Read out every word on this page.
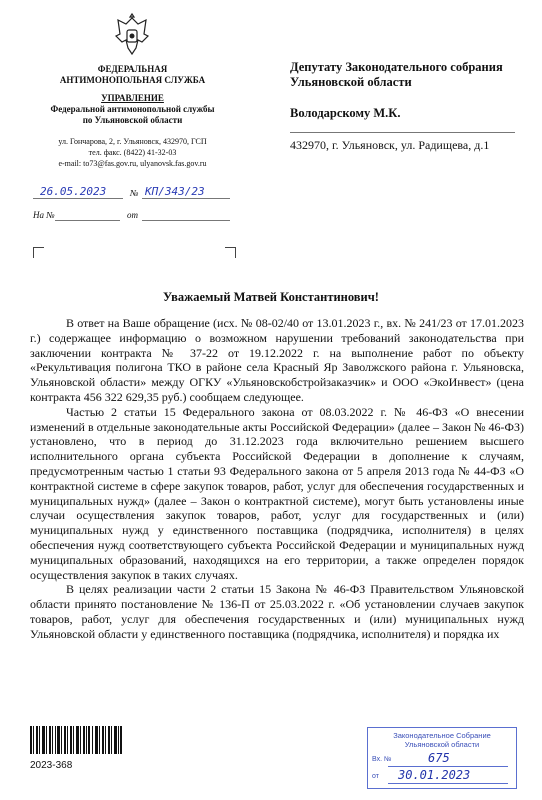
ФЕДЕРАЛЬНАЯ
АНТИМОНОПОЛЬНАЯ СЛУЖБА
УПРАВЛЕНИЕ
Федеральной антимонопольной службы
по Ульяновской области
ул. Гончарова, 2, г. Ульяновск, 432970, ГСП
тел. факс. (8422) 41-32-03
e-mail: to73@fas.gov.ru, ulyanovsk.fas.gov.ru
26.05.2023	№ КП/343/23
На №	от
Депутату Законодательного собрания
Ульяновской области
Володарскому М.К.
432970, г. Ульяновск, ул. Радищева, д.1
Уважаемый Матвей Константинович!

В ответ на Ваше обращение (исх. № 08-02/40 от 13.01.2023 г., вх. № 241/23 от 17.01.2023 г.) содержащее информацию о возможном нарушении требований законодательства при заключении контракта № 37-22 от 19.12.2022 г. на выполнение работ по объекту «Рекультивация полигона ТКО в районе села Красный Яр Заволжского района г. Ульяновска, Ульяновской области» между ОГКУ «Ульяновскобстройзаказчик» и ООО «ЭкоИнвест» (цена контракта 456 322 629,35 руб.) сообщаем следующее.

Частью 2 статьи 15 Федерального закона от 08.03.2022 г. № 46-ФЗ «О внесении изменений в отдельные законодательные акты Российской Федерации» (далее – Закон № 46-ФЗ) установлено, что в период до 31.12.2023 года включительно решением высшего исполнительного органа субъекта Российской Федерации в дополнение к случаям, предусмотренным частью 1 статьи 93 Федерального закона от 5 апреля 2013 года № 44-ФЗ «О контрактной системе в сфере закупок товаров, работ, услуг для обеспечения государственных и муниципальных нужд» (далее – Закон о контрактной системе), могут быть установлены иные случаи осуществления закупок товаров, работ, услуг для государственных и (или) муниципальных нужд у единственного поставщика (подрядчика, исполнителя) в целях обеспечения нужд соответствующего субъекта Российской Федерации и муниципальных нужд муниципальных образований, находящихся на его территории, а также определен порядок осуществления закупок в таких случаях.

В целях реализации части 2 статьи 15 Закона № 46-ФЗ Правительством Ульяновской области принято постановление № 136-П от 25.03.2022 г. «Об установлении случаев закупок товаров, работ, услуг для обеспечения государственных и (или) муниципальных нужд Ульяновской области у единственного поставщика (подрядчика, исполнителя) и порядка их

2023-368
Законодательное Собрание
Ульяновской области
Вх. №	675
от 30.01.2023
